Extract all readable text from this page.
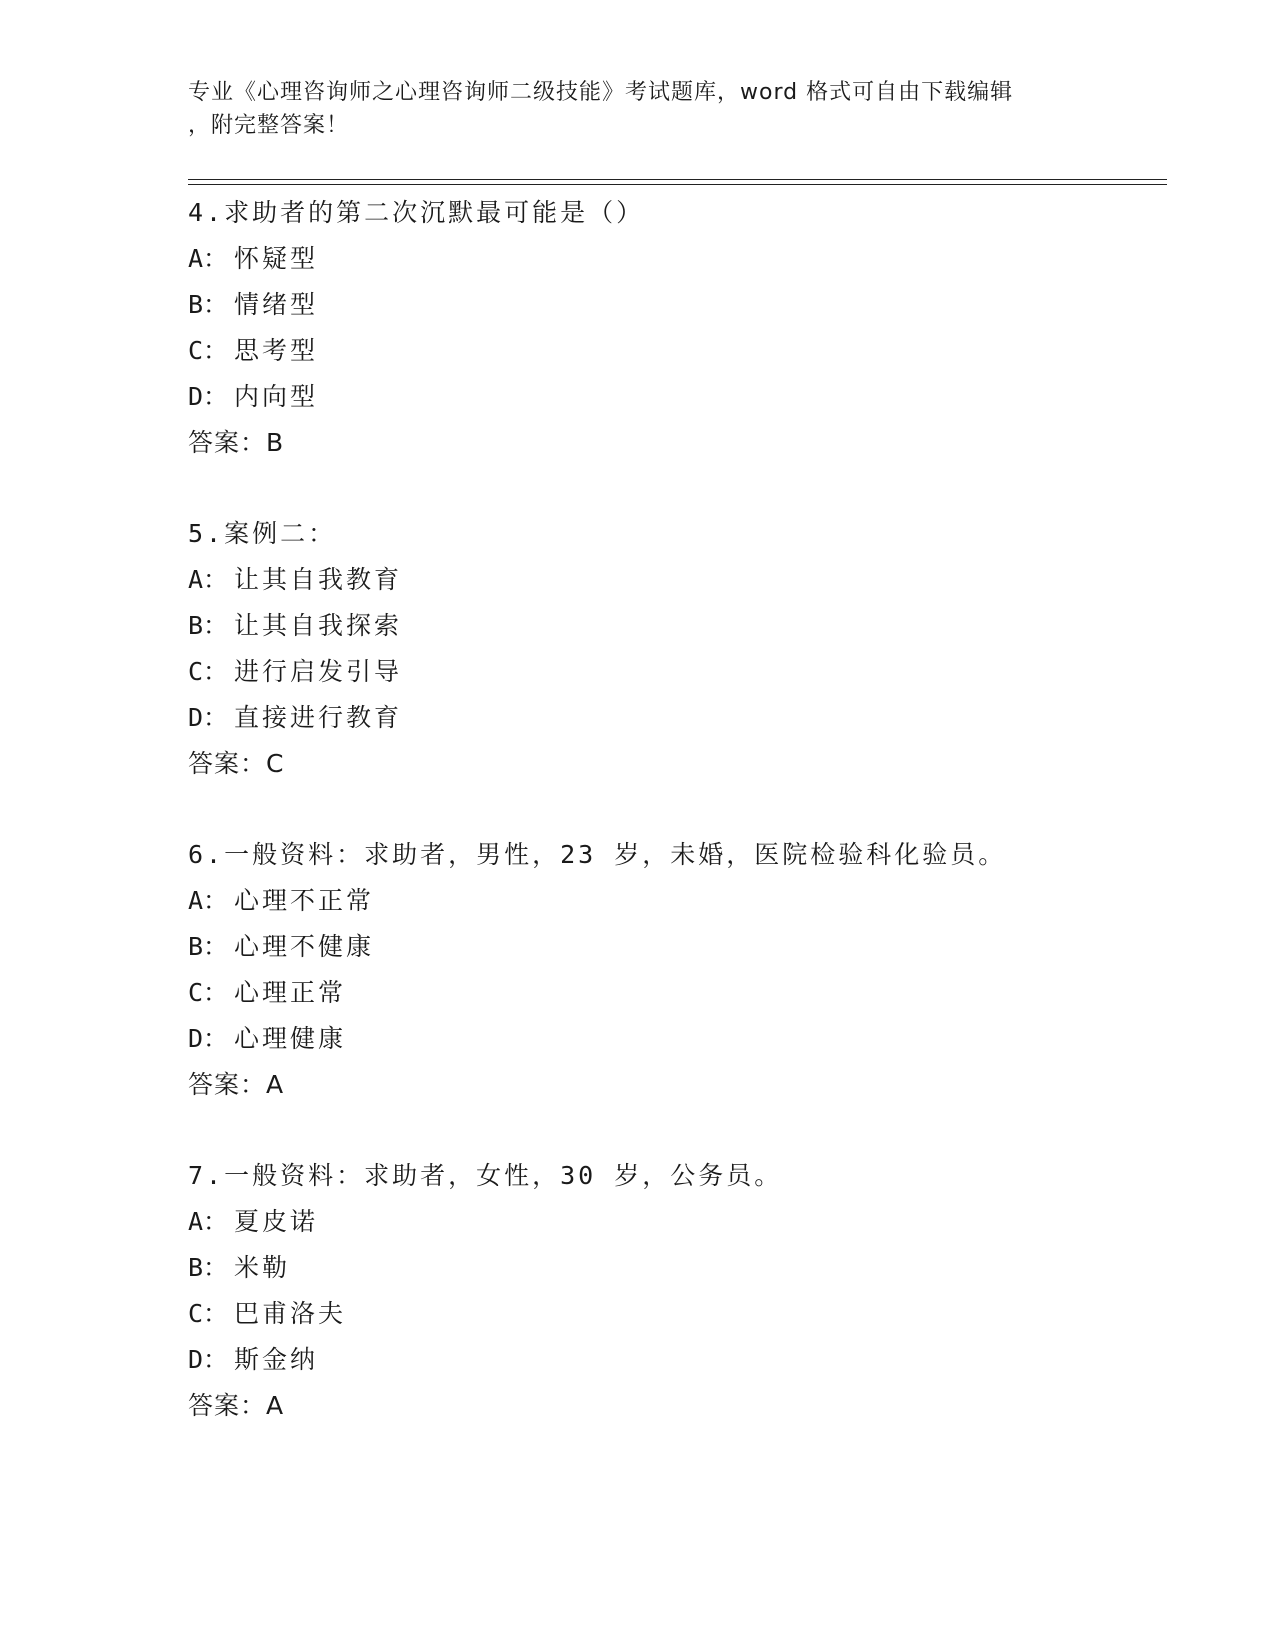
专业《心理咨询师之心理咨询师二级技能》考试题库，word 格式可自由下载编辑
，附完整答案！
4.求助者的第二次沉默最可能是（）
A： 怀疑型
B： 情绪型
C： 思考型
D： 内向型
答案：B
5.案例二：
A： 让其自我教育
B： 让其自我探索
C： 进行启发引导
D： 直接进行教育
答案：C
6.一般资料：求助者，男性，23 岁，未婚，医院检验科化验员。
A： 心理不正常
B： 心理不健康
C： 心理正常
D： 心理健康
答案：A
7.一般资料：求助者，女性，30 岁，公务员。
A： 夏皮诺
B： 米勒
C： 巴甫洛夫
D： 斯金纳
答案：A
